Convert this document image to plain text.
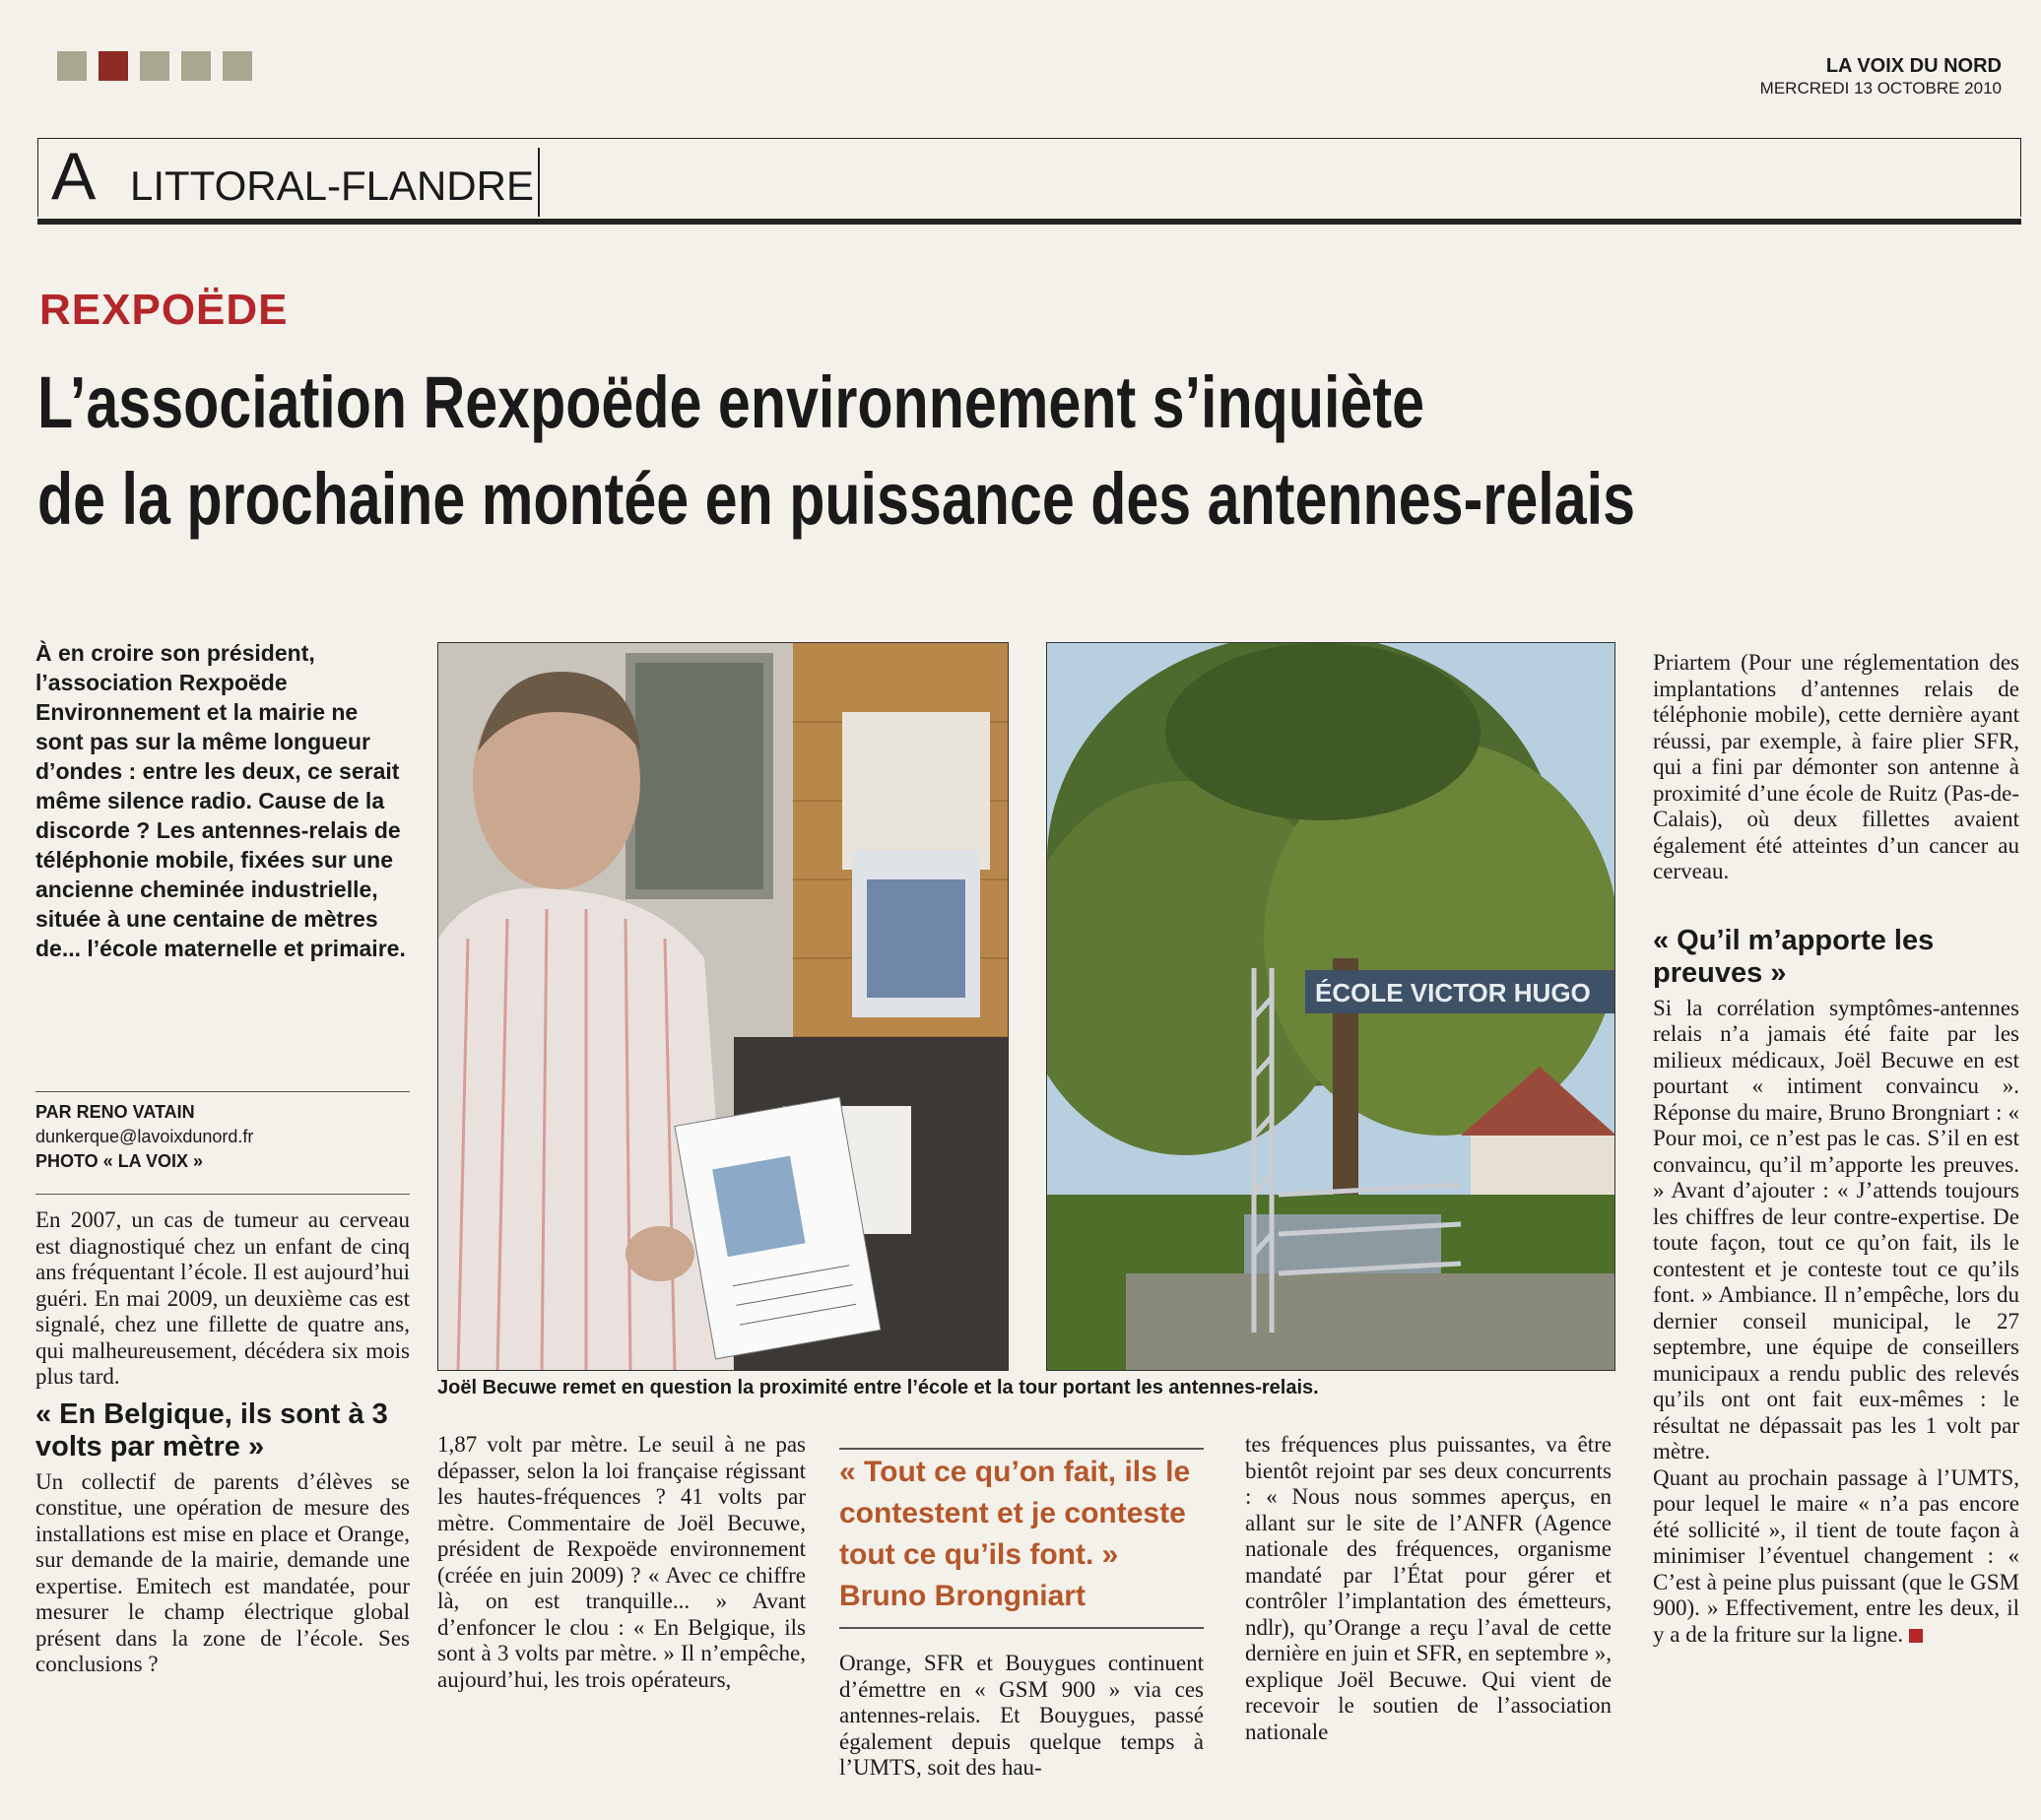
LA VOIX DU NORD
MERCREDI 13 OCTOBRE 2010
A LITTORAL-FLANDRE
REXPOËDE
L’association Rexpoëde environnement s’inquiète
de la prochaine montée en puissance des antennes-relais
À en croire son président, l’association Rexpoëde Environnement et la mairie ne sont pas sur la même longueur d’ondes : entre les deux, ce serait même silence radio. Cause de la discorde ? Les antennes-relais de téléphonie mobile, fixées sur une ancienne cheminée industrielle, située à une centaine de mètres de... l’école maternelle et primaire.
PAR RENO VATAIN
dunkerque@lavoixdunord.fr
PHOTO « LA VOIX »
En 2007, un cas de tumeur au cerveau est diagnostiqué chez un enfant de cinq ans fréquentant l’école. Il est aujourd’hui guéri. En mai 2009, un deuxième cas est signalé, chez une fillette de quatre ans, qui malheureusement, décédera six mois plus tard.
« En Belgique, ils sont à 3 volts par mètre »
Un collectif de parents d’élèves se constitue, une opération de mesure des installations est mise en place et Orange, sur demande de la mairie, demande une expertise. Emitech est mandatée, pour mesurer le champ électrique global présent dans la zone de l’école. Ses conclusions ?
ÉCOLE VICTOR HUGO
Joël Becuwe remet en question la proximité entre l’école et la tour portant les antennes-relais.
1,87 volt par mètre. Le seuil à ne pas dépasser, selon la loi française régissant les hautes-fréquences ? 41 volts par mètre. Commentaire de Joël Becuwe, président de Rexpoëde environnement (créée en juin 2009) ? « Avec ce chiffre là, on est tranquille... » Avant d’enfoncer le clou : « En Belgique, ils sont à 3 volts par mètre. » Il n’empêche, aujourd’hui, les trois opérateurs,
« Tout ce qu’on fait, ils le contestent et je conteste tout ce qu’ils font. »
Bruno Brongniart
Orange, SFR et Bouygues continuent d’émettre en « GSM 900 » via ces antennes-relais. Et Bouygues, passé également depuis quelque temps à l’UMTS, soit des hau-
tes fréquences plus puissantes, va être bientôt rejoint par ses deux concurrents : « Nous nous sommes aperçus, en allant sur le site de l’ANFR (Agence nationale des fréquences, organisme mandaté par l’État pour gérer et contrôler l’implantation des émetteurs, ndlr), qu’Orange a reçu l’aval de cette dernière en juin et SFR, en septembre », explique Joël Becuwe. Qui vient de recevoir le soutien de l’association nationale
Priartem (Pour une réglementation des implantations d’antennes relais de téléphonie mobile), cette dernière ayant réussi, par exemple, à faire plier SFR, qui a fini par démonter son antenne à proximité d’une école de Ruitz (Pas-de-Calais), où deux fillettes avaient également été atteintes d’un cancer au cerveau.
« Qu’il m’apporte les preuves »
Si la corrélation symptômes-antennes relais n’a jamais été faite par les milieux médicaux, Joël Becuwe en est pourtant « intiment convaincu ». Réponse du maire, Bruno Brongniart : « Pour moi, ce n’est pas le cas. S’il en est convaincu, qu’il m’apporte les preuves. » Avant d’ajouter : « J’attends toujours les chiffres de leur contre-expertise. De toute façon, tout ce qu’on fait, ils le contestent et je conteste tout ce qu’ils font. » Ambiance. Il n’empêche, lors du dernier conseil municipal, le 27 septembre, une équipe de conseillers municipaux a rendu public des relevés qu’ils ont ont fait eux-mêmes : le résultat ne dépassait pas les 1 volt par mètre.
Quant au prochain passage à l’UMTS, pour lequel le maire « n’a pas encore été sollicité », il tient de toute façon à minimiser l’éventuel changement : « C’est à peine plus puissant (que le GSM 900). » Effectivement, entre les deux, il y a de la friture sur la ligne.
